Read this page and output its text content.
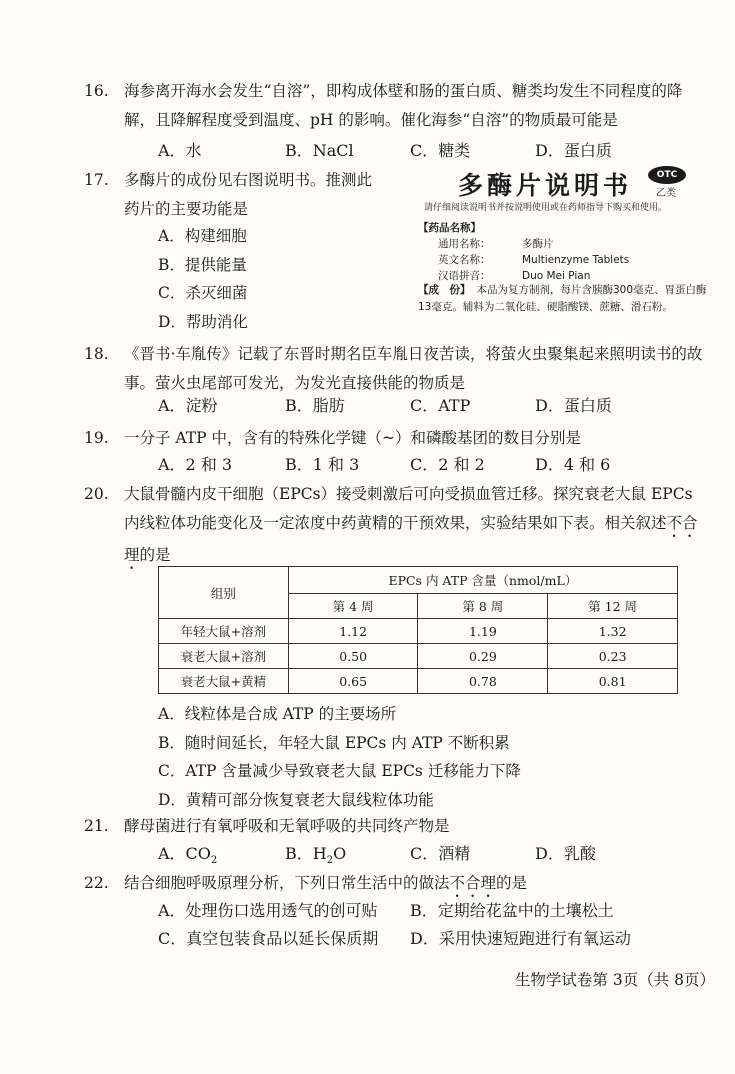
16. 海参离开海水会发生“自溶”，即构成体壁和肠的蛋白质、糖类均发生不同程度的降解，且降解程度受到温度、pH 的影响。催化海参“自溶”的物质最可能是
A．水	B．NaCl	C．糖类	D．蛋白质
17. 多酶片的成份见右图说明书。推测此
药片的主要功能是
A．构建细胞
B．提供能量
C．杀灭细菌
D．帮助消化
多酶片说明书	OTC
乙类
请仔细阅读说明书并按说明使用或在药师指导下购买和使用。
【药品名称】
通用名称：	多酶片
英文名称：	Multienzyme Tablets
汉语拼音：	Duo Mei Pian
【成　份】 本品为复方制剂，每片含胰酶300毫克、胃蛋白酶13毫克。辅料为二氧化硅、硬脂酸镁、蔗糖、滑石粉。
18. 《晋书·车胤传》记载了东晋时期名臣车胤日夜苦读，将萤火虫聚集起来照明读书的故事。萤火虫尾部可发光，为发光直接供能的物质是
A．淀粉	B．脂肪	C．ATP	D．蛋白质
19. 一分子 ATP 中，含有的特殊化学键（~）和磷酸基团的数目分别是
A．2 和 3	B．1 和 3	C．2 和 2	D．4 和 6
20. 大鼠骨髓内皮干细胞（EPCs）接受刺激后可向受损血管迁移。探究衰老大鼠 EPCs 内线粒体功能变化及一定浓度中药黄精的干预效果，实验结果如下表。相关叙述不合理的是
组别	EPCs 内 ATP 含量（nmol/mL）		
	第 4 周	第 8 周	第 12 周
年轻大鼠+溶剂	1.12	1.19	1.32
衰老大鼠+溶剂	0.50	0.29	0.23
衰老大鼠+黄精	0.65	0.78	0.81
A．线粒体是合成 ATP 的主要场所
B．随时间延长，年轻大鼠 EPCs 内 ATP 不断积累
C．ATP 含量减少导致衰老大鼠 EPCs 迁移能力下降
D．黄精可部分恢复衰老大鼠线粒体功能
21. 酵母菌进行有氧呼吸和无氧呼吸的共同终产物是
A．$CO_2$	B．$H_2O$	C．酒精	D．乳酸
22. 结合细胞呼吸原理分析，下列日常生活中的做法不合理的是
A．处理伤口选用透气的创可贴 B．定期给花盆中的土壤松土
C．真空包装食品以延长保质期 D．采用快速短跑进行有氧运动
生物学试卷第 3页（共 8页）
